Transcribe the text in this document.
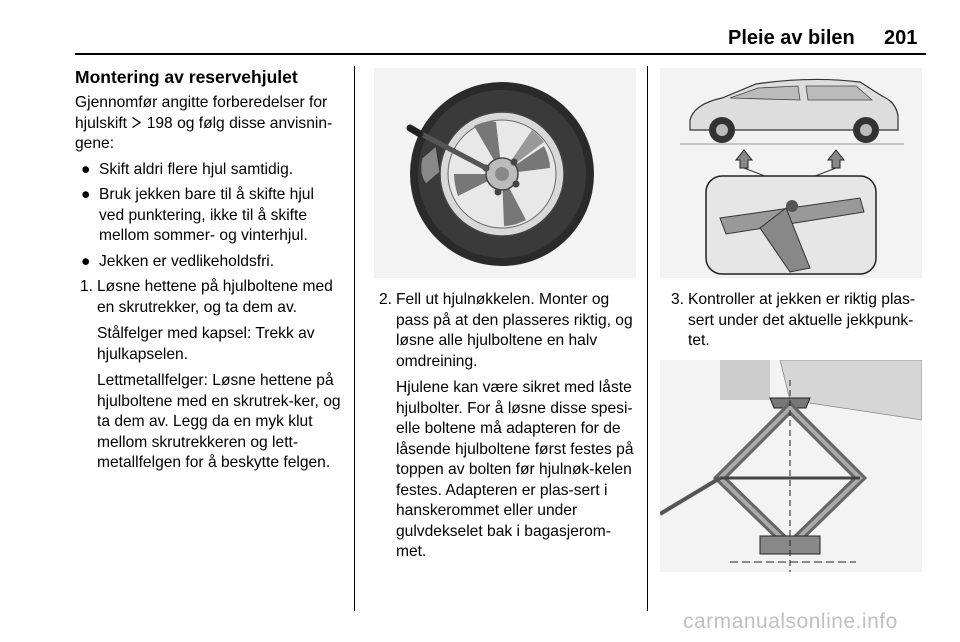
Pleie av bilen 201
Montering av reservehjulet

Gjennomfør angitte forberedelser for hjulskift 198 og følg disse anvisnin-gene:

● Skift aldri flere hjul samtidig.
● Bruk jekken bare til å skifte hjul ved punktering, ikke til å skifte mellom sommer- og vinterhjul.
● Jekken er vedlikeholdsfri.
1. Løsne hettene på hjulboltene med en skrutrekker, og ta dem av.

Stålfelger med kapsel: Trekk av hjulkapselen.

Lettmetallfelger: Løsne hettene på hjulboltene med en skrutrek-ker, og ta dem av. Legg da en myk klut mellom skrutrekkeren og lett-metallfelgen for å beskytte felgen.

2. Fell ut hjulnøkkelen. Monter og pass på at den plasseres riktig, og løsne alle hjulboltene en halv omdreining.

Hjulene kan være sikret med låste hjulbolter. For å løsne disse spesi-elle boltene må adapteren for de låsende hjulboltene først festes på toppen av bolten før hjulnøk-kelen festes. Adapteren er plas-sert i hanskerommet eller under gulvdekselet bak i bagasjerom-met.

3. Kontroller at jekken er riktig plas-sert under det aktuelle jekkpunk-tet.

carmanualsonline.info
